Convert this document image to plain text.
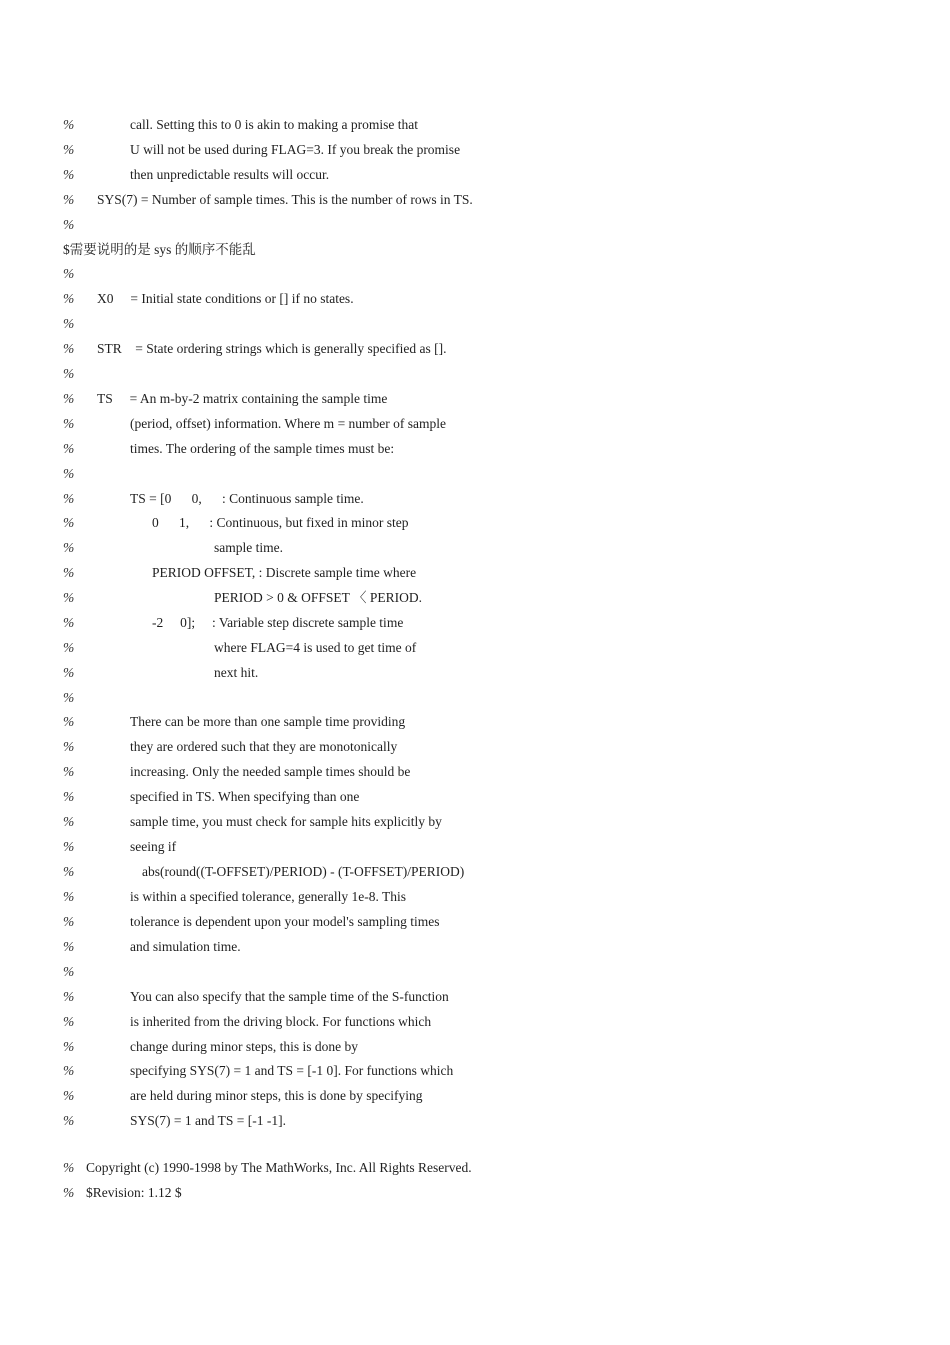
%	call. Setting this to 0 is akin to making a promise that
%	U will not be used during FLAG=3. If you break the promise
%	then unpredictable results will occur.
% SYS(7) = Number of sample times. This is the number of rows in TS.
%
$需要说明的是 sys 的顺序不能乱
%
% X0     = Initial state conditions or [] if no states.
%
% STR    = State ordering strings which is generally specified as [].
%
% TS     = An m-by-2 matrix containing the sample time
%	(period, offset) information. Where m = number of sample
%	times. The ordering of the sample times must be:
%
%	TS = [0      0,      : Continuous sample time.
%	0      1,      : Continuous, but fixed in minor step
%	sample time.
%	PERIOD OFFSET, : Discrete sample time where
%	PERIOD > 0 & OFFSET 〈 PERIOD.
%	-2     0];     : Variable step discrete sample time
%	where FLAG=4 is used to get time of
%	next hit.
%
%	There can be more than one sample time providing
%	they are ordered such that they are monotonically
%	increasing. Only the needed sample times should be
%	specified in TS. When specifying than one
%	sample time, you must check for sample hits explicitly by
%	seeing if
%	abs(round((T-OFFSET)/PERIOD) - (T-OFFSET)/PERIOD)
%	is within a specified tolerance, generally 1e-8. This
%	tolerance is dependent upon your model's sampling times
%	and simulation time.
%
%	You can also specify that the sample time of the S-function
%	is inherited from the driving block. For functions which
%	change during minor steps, this is done by
%	specifying SYS(7) = 1 and TS = [-1 0]. For functions which
%	are held during minor steps, this is done by specifying
%	SYS(7) = 1 and TS = [-1 -1].
% Copyright (c) 1990-1998 by The MathWorks, Inc. All Rights Reserved.
% $Revision: 1.12 $
